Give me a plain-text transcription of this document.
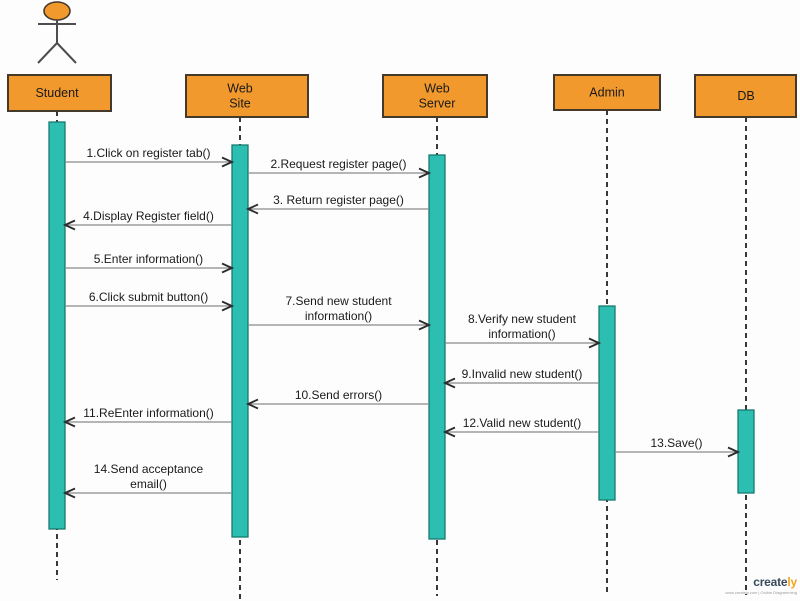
Student	Web Site
Web Server
Admin	DB
1.Click on register tab()
2.Request register page()
3. Return register page()
4.Display Register field()
5.Enter information()
6.Click submit button()	7.Send new student information()	8.Verify new student information()
9.Invalid new student()
10.Send errors()
11.ReEnter information()
12.Valid new student()
13.Save()
14.Send acceptance email()
creately
www.creately.com | Online Diagramming
